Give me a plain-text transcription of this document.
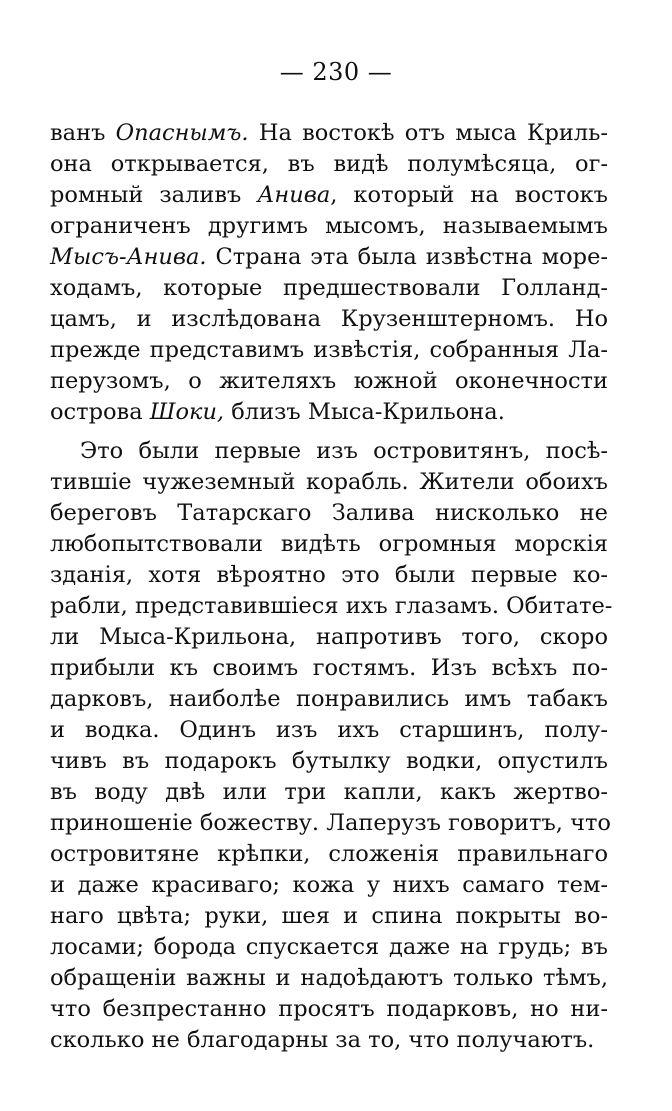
— 230 —
ванъ Опаснымъ. На востокѣ отъ мыса Криль-
она открывается, въ видѣ полумѣсяца, ог-
ромный заливъ Анива, который на востокъ
ограниченъ другимъ мысомъ, называемымъ
Мысъ-Анива. Страна эта была извѣстна море-
ходамъ, которые предшествовали Голланд-
цамъ, и изслѣдована Крузенштерномъ. Но
прежде представимъ извѣстія, собранныя Ла-
перузомъ, о жителяхъ южной оконечности
острова Шоки, близъ Мыса-Крильона.
Это были первые изъ островитянъ, посѣ-
тившіе чужеземный корабль. Жители обоихъ
береговъ Татарскаго Залива нисколько не
любопытствовали видѣть огромныя морскія
зданія, хотя вѣроятно это были первые ко-
рабли, представившіеся ихъ глазамъ. Обитате-
ли Мыса-Крильона, напротивъ того, скоро
прибыли къ своимъ гостямъ. Изъ всѣхъ по-
дарковъ, наиболѣе понравились имъ табакъ
и водка. Одинъ изъ ихъ старшинъ, полу-
чивъ въ подарокъ бутылку водки, опустилъ
въ воду двѣ или три капли, какъ жертво-
приношеніе божеству. Лаперузъ говоритъ, что
островитяне крѣпки, сложенія правильнаго
и даже красиваго; кожа у нихъ самаго тем-
наго цвѣта; руки, шея и спина покрыты во-
лосами; борода спускается даже на грудь; въ
обращеніи важны и надоѣдаютъ только тѣмъ,
что безпрестанно просятъ подарковъ, но ни-
сколько не благодарны за то, что получаютъ.
